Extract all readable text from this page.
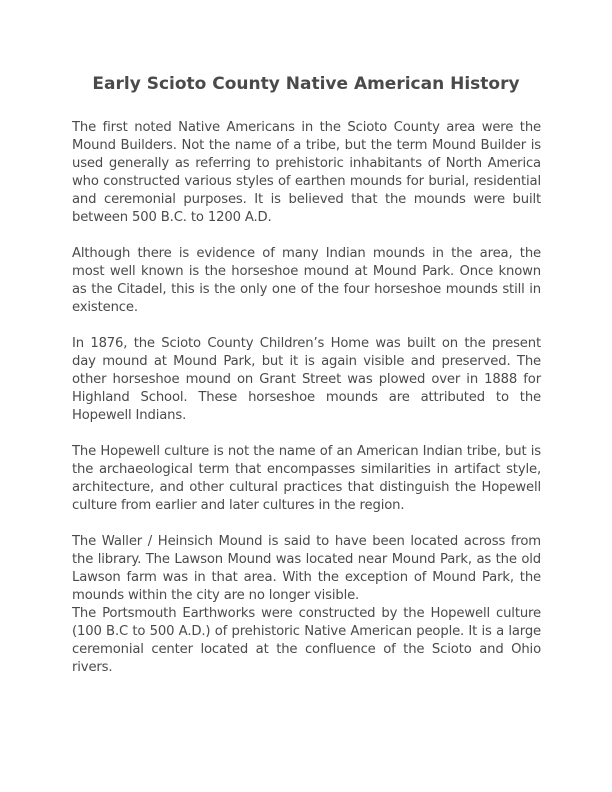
Early Scioto County Native American History

The first noted Native Americans in the Scioto County area were the Mound Builders. Not the name of a tribe, but the term Mound Builder is used generally as referring to prehistoric inhabitants of North America who constructed various styles of earthen mounds for burial, residential and ceremonial purposes. It is believed that the mounds were built between 500 B.C. to 1200 A.D.

Although there is evidence of many Indian mounds in the area, the most well known is the horseshoe mound at Mound Park. Once known as the Citadel, this is the only one of the four horseshoe mounds still in existence.

In 1876, the Scioto County Children’s Home was built on the present day mound at Mound Park, but it is again visible and preserved. The other horseshoe mound on Grant Street was plowed over in 1888 for Highland School. These horseshoe mounds are attributed to the Hopewell Indians.

The Hopewell culture is not the name of an American Indian tribe, but is the archaeological term that encompasses similarities in artifact style, architecture, and other cultural practices that distinguish the Hopewell culture from earlier and later cultures in the region.

The Waller / Heinsich Mound is said to have been located across from the library. The Lawson Mound was located near Mound Park, as the old Lawson farm was in that area. With the exception of Mound Park, the mounds within the city are no longer visible.

The Portsmouth Earthworks were constructed by the Hopewell culture (100 B.C to 500 A.D.) of prehistoric Native American people. It is a large ceremonial center located at the confluence of the Scioto and Ohio rivers.
